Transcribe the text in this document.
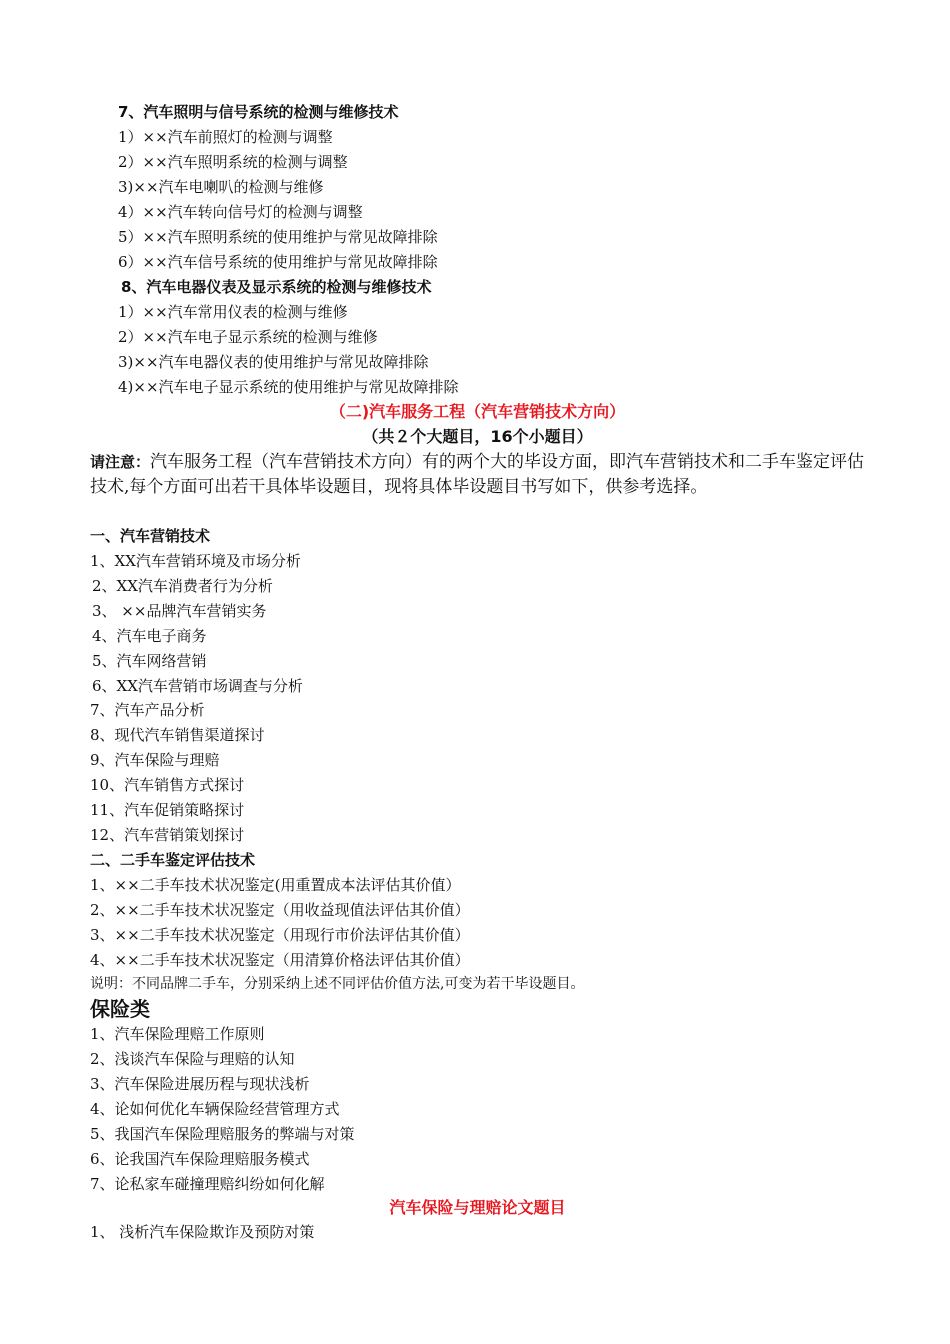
7、汽车照明与信号系统的检测与维修技术
1）××汽车前照灯的检测与调整
2）××汽车照明系统的检测与调整
3)××汽车电喇叭的检测与维修
4）××汽车转向信号灯的检测与调整
5）××汽车照明系统的使用维护与常见故障排除
6）××汽车信号系统的使用维护与常见故障排除
8、汽车电器仪表及显示系统的检测与维修技术
1）××汽车常用仪表的检测与维修
2）××汽车电子显示系统的检测与维修
3)××汽车电器仪表的使用维护与常见故障排除
4)××汽车电子显示系统的使用维护与常见故障排除
（二)汽车服务工程（汽车营销技术方向）
（共２个大题目，16个小题目）
请注意：汽车服务工程（汽车营销技术方向）有的两个大的毕设方面，即汽车营销技术和二手车鉴定评估技术,每个方面可出若干具体毕设题目，现将具体毕设题目书写如下，供参考选择。
一、汽车营销技术
1、XX汽车营销环境及市场分析
2、XX汽车消费者行为分析
3、 ××品牌汽车营销实务
4、汽车电子商务
5、汽车网络营销
6、XX汽车营销市场调查与分析
7、汽车产品分析
8、现代汽车销售渠道探讨
9、汽车保险与理赔
10、汽车销售方式探讨
11、汽车促销策略探讨
12、汽车营销策划探讨
二、二手车鉴定评估技术
1、××二手车技术状况鉴定(用重置成本法评估其价值）
2、××二手车技术状况鉴定（用收益现值法评估其价值）
3、××二手车技术状况鉴定（用现行市价法评估其价值）
4、××二手车技术状况鉴定（用清算价格法评估其价值）
说明：不同品牌二手车，分别采纳上述不同评估价值方法,可变为若干毕设题目。
保险类
1、汽车保险理赔工作原则
2、浅谈汽车保险与理赔的认知
3、汽车保险进展历程与现状浅析
4、论如何优化车辆保险经营管理方式
5、我国汽车保险理赔服务的弊端与对策
6、论我国汽车保险理赔服务模式
7、论私家车碰撞理赔纠纷如何化解
汽车保险与理赔论文题目
1、 浅析汽车保险欺诈及预防对策
